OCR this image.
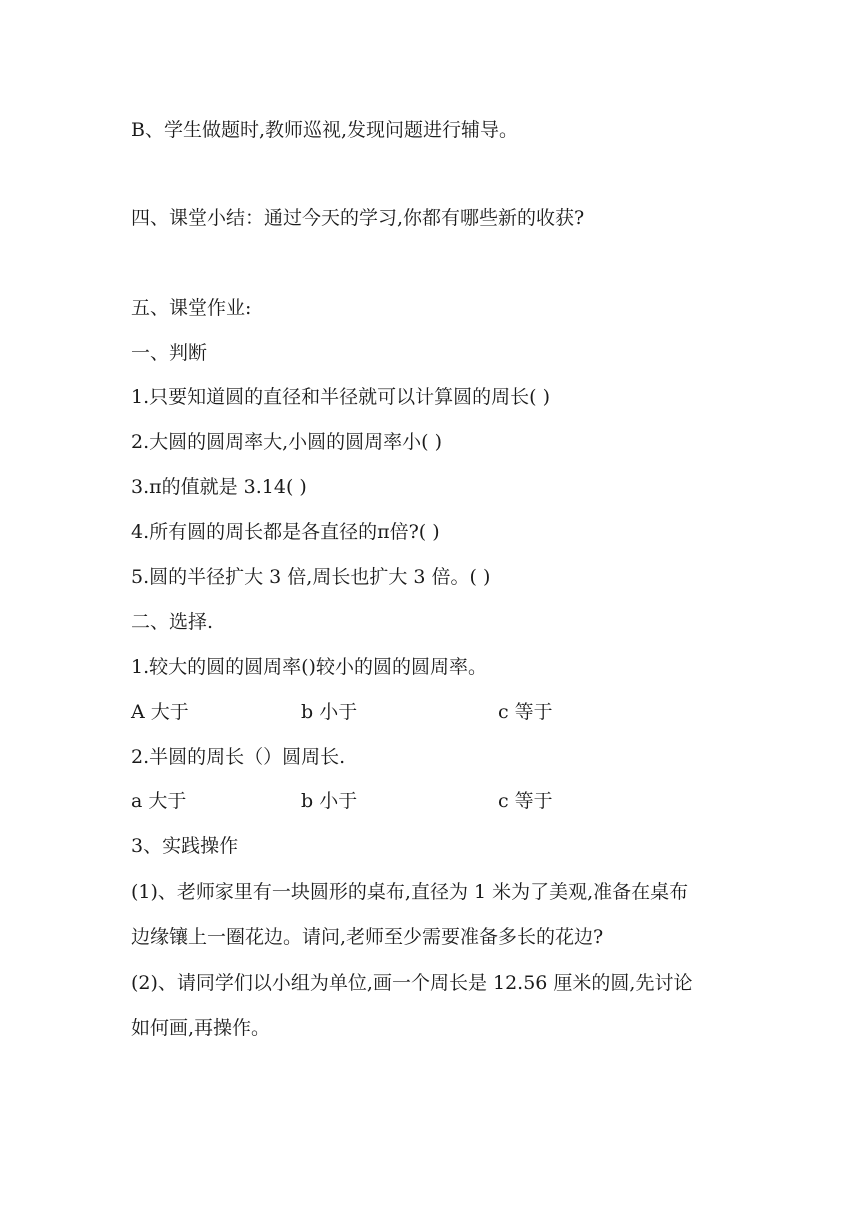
B、学生做题时,教师巡视,发现问题进行辅导。
四、课堂小结：通过今天的学习,你都有哪些新的收获?
五、课堂作业:
一、判断
1.只要知道圆的直径和半径就可以计算圆的周长( )
2.大圆的圆周率大,小圆的圆周率小( )
3.π的值就是 3.14( )
4.所有圆的周长都是各直径的π倍?( )
5.圆的半径扩大 3 倍,周长也扩大 3 倍。( )
二、选择.
1.较大的圆的圆周率()较小的圆的圆周率。
A 大于	b 小于	c 等于
2.半圆的周长（）圆周长.
a 大于	b 小于	c 等于
3、实践操作
(1)、老师家里有一块圆形的桌布,直径为 1 米为了美观,准备在桌布
边缘镶上一圈花边。请问,老师至少需要准备多长的花边?
(2)、请同学们以小组为单位,画一个周长是 12.56 厘米的圆,先讨论
如何画,再操作。
